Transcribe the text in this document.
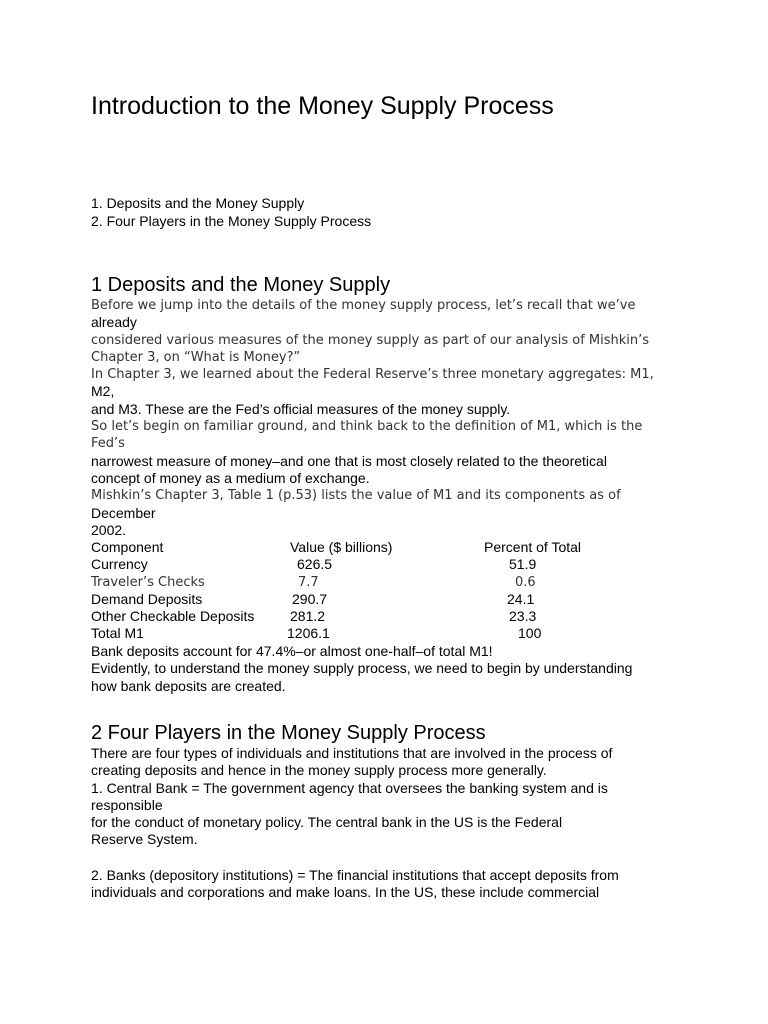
Introduction to the Money Supply Process
1. Deposits and the Money Supply
2. Four Players in the Money Supply Process
1 Deposits and the Money Supply
Before we jump into the details of the money supply process, let’s recall that we’ve
already
considered various measures of the money supply as part of our analysis of Mishkin’s
Chapter 3, on “What is Money?”
In Chapter 3, we learned about the Federal Reserve’s three monetary aggregates: M1,
M2,
and M3. These are the Fed’s official measures of the money supply.
So let’s begin on familiar ground, and think back to the definition of M1, which is the
Fed’s
narrowest measure of money–and one that is most closely related to the theoretical
concept of money as a medium of exchange.
Mishkin’s Chapter 3, Table 1 (p.53) lists the value of M1 and its components as of
December
2002.
Component	Value ($ billions)	Percent of Total
Currency	626.5	51.9
Traveler’s Checks	7.7	0.6
Demand Deposits	290.7	24.1
Other Checkable Deposits	281.2	23.3
Total M1	1206.1	100
Bank deposits account for 47.4%–or almost one-half–of total M1!
Evidently, to understand the money supply process, we need to begin by understanding
how bank deposits are created.
2 Four Players in the Money Supply Process
There are four types of individuals and institutions that are involved in the process of
creating deposits and hence in the money supply process more generally.
1. Central Bank = The government agency that oversees the banking system and is
responsible
for the conduct of monetary policy. The central bank in the US is the Federal
Reserve System.
2. Banks (depository institutions) = The financial institutions that accept deposits from
individuals and corporations and make loans. In the US, these include commercial
